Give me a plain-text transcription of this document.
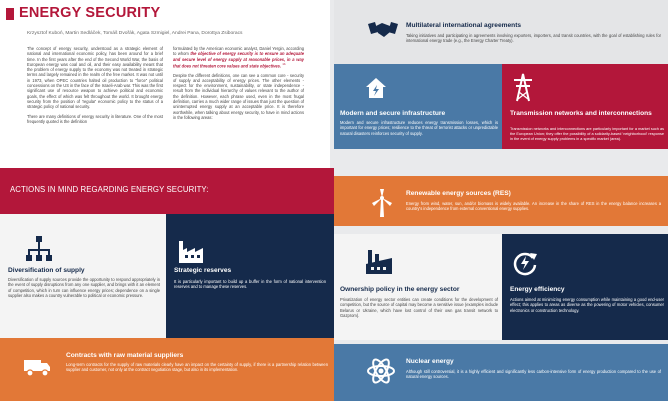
ENERGY SECURITY
Krzysztof Kuboń, Martin Sedláček, Tomáš Dvořák, Agata Szmigiel, Andrei Pana, Dorottya Zsiboracs
The concept of energy security, understood as a strategic element of national and international economic policy, has been around for a brief time. In the first years after the end of the Second World War, the basis of European energy was coal and oil, and their easy availability meant that the problem of energy supply to the economy was not treated in strategic terms and largely remained in the realm of the free market. It was not until in 1973, when OPEC countries halted oil production to "force" political concessions on the US in the face of the Israeli-Arab war. This was the first significant use of resource weapon to achieve political and economic goals, the effect of which was felt throughout the world. It brought energy security from the position of 'regular' economic policy to the status of a strategic policy of national security.
There are many definitions of energy security in literature. One of the most frequently quoted is the definition
formulated by the American economic analyst, Daniel Yergin, according to whom the objective of energy security is to ensure an adequate and secure level of energy supply at reasonable prices, in a way that does not threaten core values and state objectives. $^{1b}$
Despite the different definitions, one can see a common core - security of supply and acceptability of energy prices. The other elements - respect for the environment, sustainability, or state independence - result from the individual hierarchy of values relevant to the author of the definition. However, each phrase used, even in the most frugal definition, carries a much wider range of issues than just the question of uninterrupted energy supply at an acceptable price. It is therefore worthwhile, when talking about energy security, to have in mind actions in the following areas:
ACTIONS IN MIND REGARDING ENERGY SECURITY:
Diversification of supply
Diversification of supply sources provide the opportunity to respond appropriately in the event of supply disruptions from any one supplier, and brings with it an element of competition, which in turn can influence energy prices; dependence on a single supplier also makes a country vulnerable to political or economic pressure.
Strategic reserves
It is particularly important to build up a buffer in the form of national intervention reserves and to manage these reserves.
Contracts with raw material suppliers
Long-term contracts for the supply of raw materials clearly have an impact on the certainty of supply, if there is a partnership relation between supplier and customer, not only at the contract negotiation stage, but also in its implementation.
Multilateral international agreements
Taking initiatives and participating in agreements involving exporters, importers, and transit countries, with the goal of establishing rules for international energy trade (e.g., the Energy Charter Treaty).
Modern and secure infrastructure
Modern and secure infrastructure reduces energy transmission losses, which is important for energy prices; resilience to the threat of terrorist attacks or unpredictable natural disasters reinforces security of supply.
Transmission networks and interconnections
Transmission networks and interconnections are particularly important for a market such as the European Union; they offer the possibility of a solidarity-based 'neighborhood' response in the event of energy supply problems in a specific market (area).
Renewable energy sources (RES)
Energy from wind, water, sun, and/or biomass is widely available. An increase in the share of RES in the energy balance increases a country's independence from external conventional energy supplies.
Ownership policy in the energy sector
Privatization of energy sector entities can create conditions for the development of competition, but the source of capital may become a sensitive issue (examples include Belarus or Ukraine, which have lost control of their own gas transit network to Gazprom).
Energy efficiency
Actions aimed at minimizing energy consumption while maintaining a good end-user effect; this applies to areas as diverse as the powering of motor vehicles, consumer electronics or construction technology.
Nuclear energy
Although still controversial, it is a highly efficient and significantly less carbon-intensive form of energy production compared to the use of natural energy sources.
